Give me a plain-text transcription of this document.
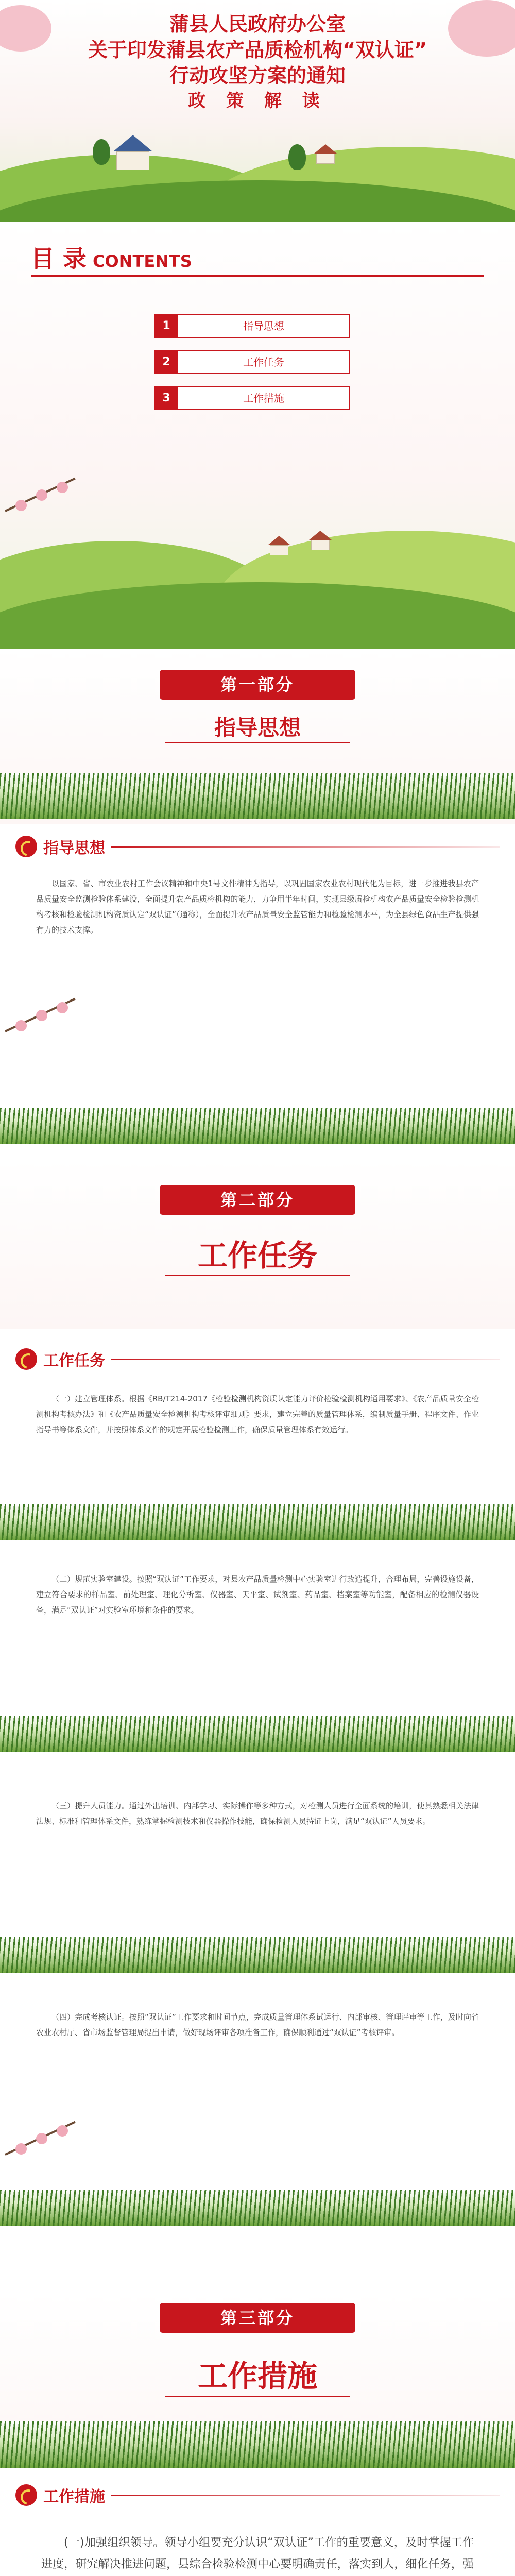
蒲县人民政府办公室
关于印发蒲县农产品质检机构“双认证”
行动攻坚方案的通知
政 策 解 读
目 录 CONTENTS
1	指导思想
2	工作任务
3	工作措施
第一部分
指导思想
指导思想
以国家、省、市农业农村工作会议精神和中央1号文件精神为指导，以巩固国家农业农村现代化为目标，进一步推进我县农产品质量安全监测检验体系建设，全面提升农产品质检机构的能力，力争用半年时间，实现县级质检机构农产品质量安全检验检测机构考核和检验检测机构资质认定“双认证”（通称），全面提升农产品质量安全监管能力和检验检测水平，为全县绿色食品生产提供强有力的技术支撑。
第二部分
工作任务
工作任务
（一）建立管理体系。根据《RB/T214-2017《检验检测机构资质认定能力评价检验检测机构通用要求》、《农产品质量安全检测机构考核办法》和《农产品质量安全检测机构考核评审细则》要求，建立完善的质量管理体系，编制质量手册、程序文件、作业指导书等体系文件，并按照体系文件的规定开展检验检测工作，确保质量管理体系有效运行。
（二）规范实验室建设。按照“双认证”工作要求，对县农产品质量检测中心实验室进行改造提升，合理布局，完善设施设备，建立符合要求的样品室、前处理室、理化分析室、仪器室、天平室、试剂室、药品室、档案室等功能室，配备相应的检测仪器设备，满足“双认证”对实验室环境和条件的要求。
（三）提升人员能力。通过外出培训、内部学习、实际操作等多种方式，对检测人员进行全面系统的培训，使其熟悉相关法律法规、标准和管理体系文件，熟练掌握检测技术和仪器操作技能，确保检测人员持证上岗，满足“双认证”人员要求。
（四）完成考核认证。按照“双认证”工作要求和时间节点，完成质量管理体系试运行、内部审核、管理评审等工作，及时向省农业农村厅、省市场监督管理局提出申请，做好现场评审各项准备工作，确保顺利通过“双认证”考核评审。
第三部分
工作措施
工作措施
(一)加强组织领导。领导小组要充分认识“双认证”工作的重要意义，及时掌握工作进度，研究解决推进问题，县综合检验检测中心要明确责任，落实到人，细化任务，强
